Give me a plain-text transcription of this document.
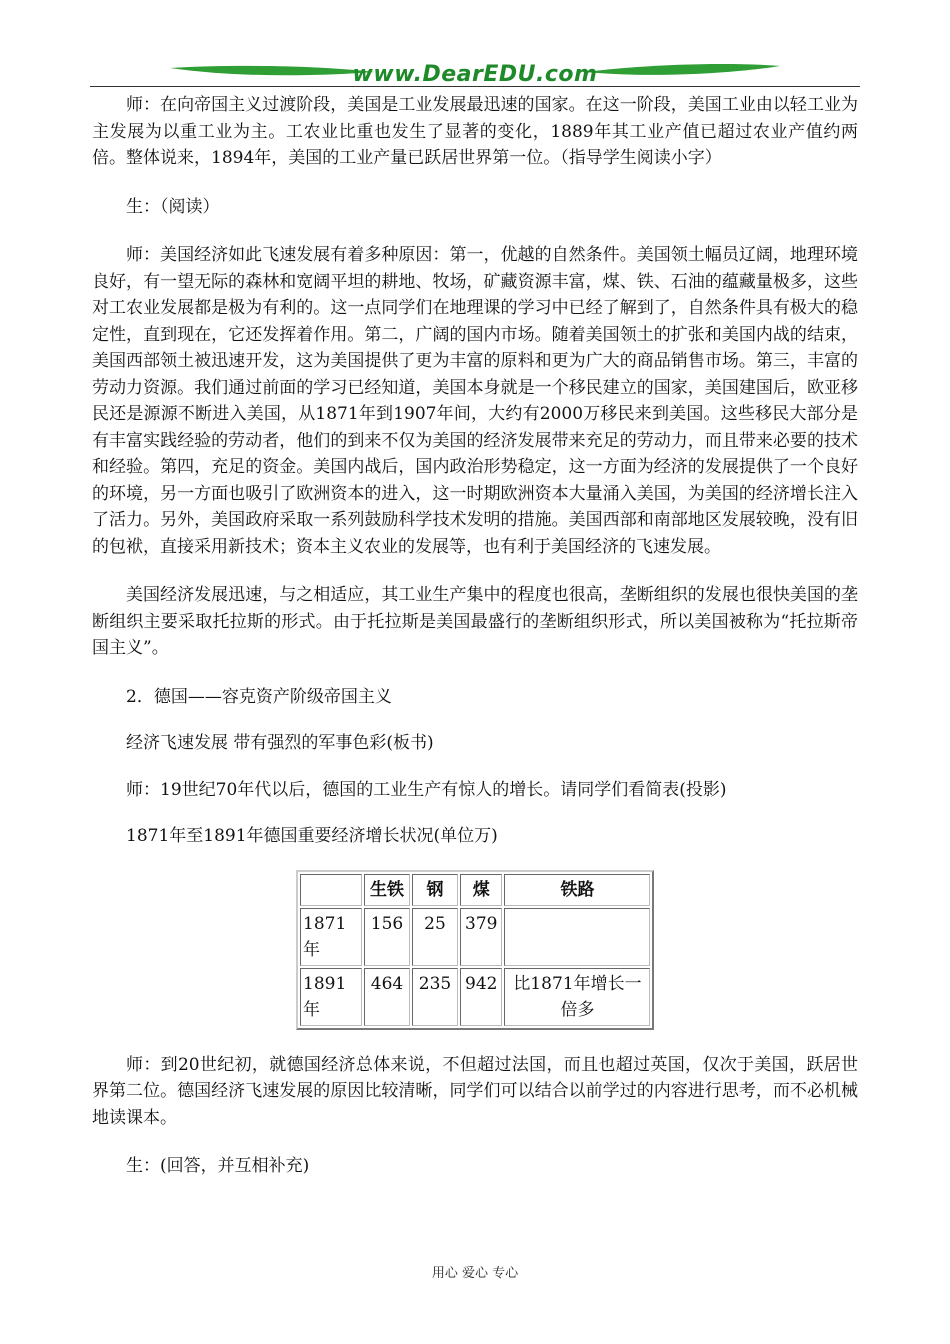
www.DearEDU.com

师：在向帝国主义过渡阶段，美国是工业发展最迅速的国家。在这一阶段，美国工业由以轻工业为主发展为以重工业为主。工农业比重也发生了显著的变化，1889年其工业产值已超过农业产值约两倍。整体说来，1894年，美国的工业产量已跃居世界第一位。（指导学生阅读小字）

生：（阅读）

师：美国经济如此飞速发展有着多种原因：第一，优越的自然条件。美国领土幅员辽阔，地理环境良好，有一望无际的森林和宽阔平坦的耕地、牧场，矿藏资源丰富，煤、铁、石油的蕴藏量极多，这些对工农业发展都是极为有利的。这一点同学们在地理课的学习中已经了解到了，自然条件具有极大的稳定性，直到现在，它还发挥着作用。第二，广阔的国内市场。随着美国领土的扩张和美国内战的结束，美国西部领土被迅速开发，这为美国提供了更为丰富的原料和更为广大的商品销售市场。第三，丰富的劳动力资源。我们通过前面的学习已经知道，美国本身就是一个移民建立的国家，美国建国后，欧亚移民还是源源不断进入美国，从1871年到1907年间，大约有2000万移民来到美国。这些移民大部分是有丰富实践经验的劳动者，他们的到来不仅为美国的经济发展带来充足的劳动力，而且带来必要的技术和经验。第四，充足的资金。美国内战后，国内政治形势稳定，这一方面为经济的发展提供了一个良好的环境，另一方面也吸引了欧洲资本的进入，这一时期欧洲资本大量涌入美国，为美国的经济增长注入了活力。另外，美国政府采取一系列鼓励科学技术发明的措施。美国西部和南部地区发展较晚，没有旧的包袱，直接采用新技术；资本主义农业的发展等，也有利于美国经济的飞速发展。

美国经济发展迅速，与之相适应，其工业生产集中的程度也很高，垄断组织的发展也很快美国的垄断组织主要采取托拉斯的形式。由于托拉斯是美国最盛行的垄断组织形式，所以美国被称为“托拉斯帝国主义”。

2．德国——容克资产阶级帝国主义

经济飞速发展 带有强烈的军事色彩(板书)

师：19世纪70年代以后，德国的工业生产有惊人的增长。请同学们看简表(投影)

1871年至1891年德国重要经济增长状况(单位万)

	生铁	钢	煤	铁路
1871年	156	25	379	
1891年	464	235	942	比1871年增长一倍多

师：到20世纪初，就德国经济总体来说，不但超过法国，而且也超过英国，仅次于美国，跃居世界第二位。德国经济飞速发展的原因比较清晰，同学们可以结合以前学过的内容进行思考，而不必机械地读课本。

生：(回答，并互相补充)

用心 爱心 专心
